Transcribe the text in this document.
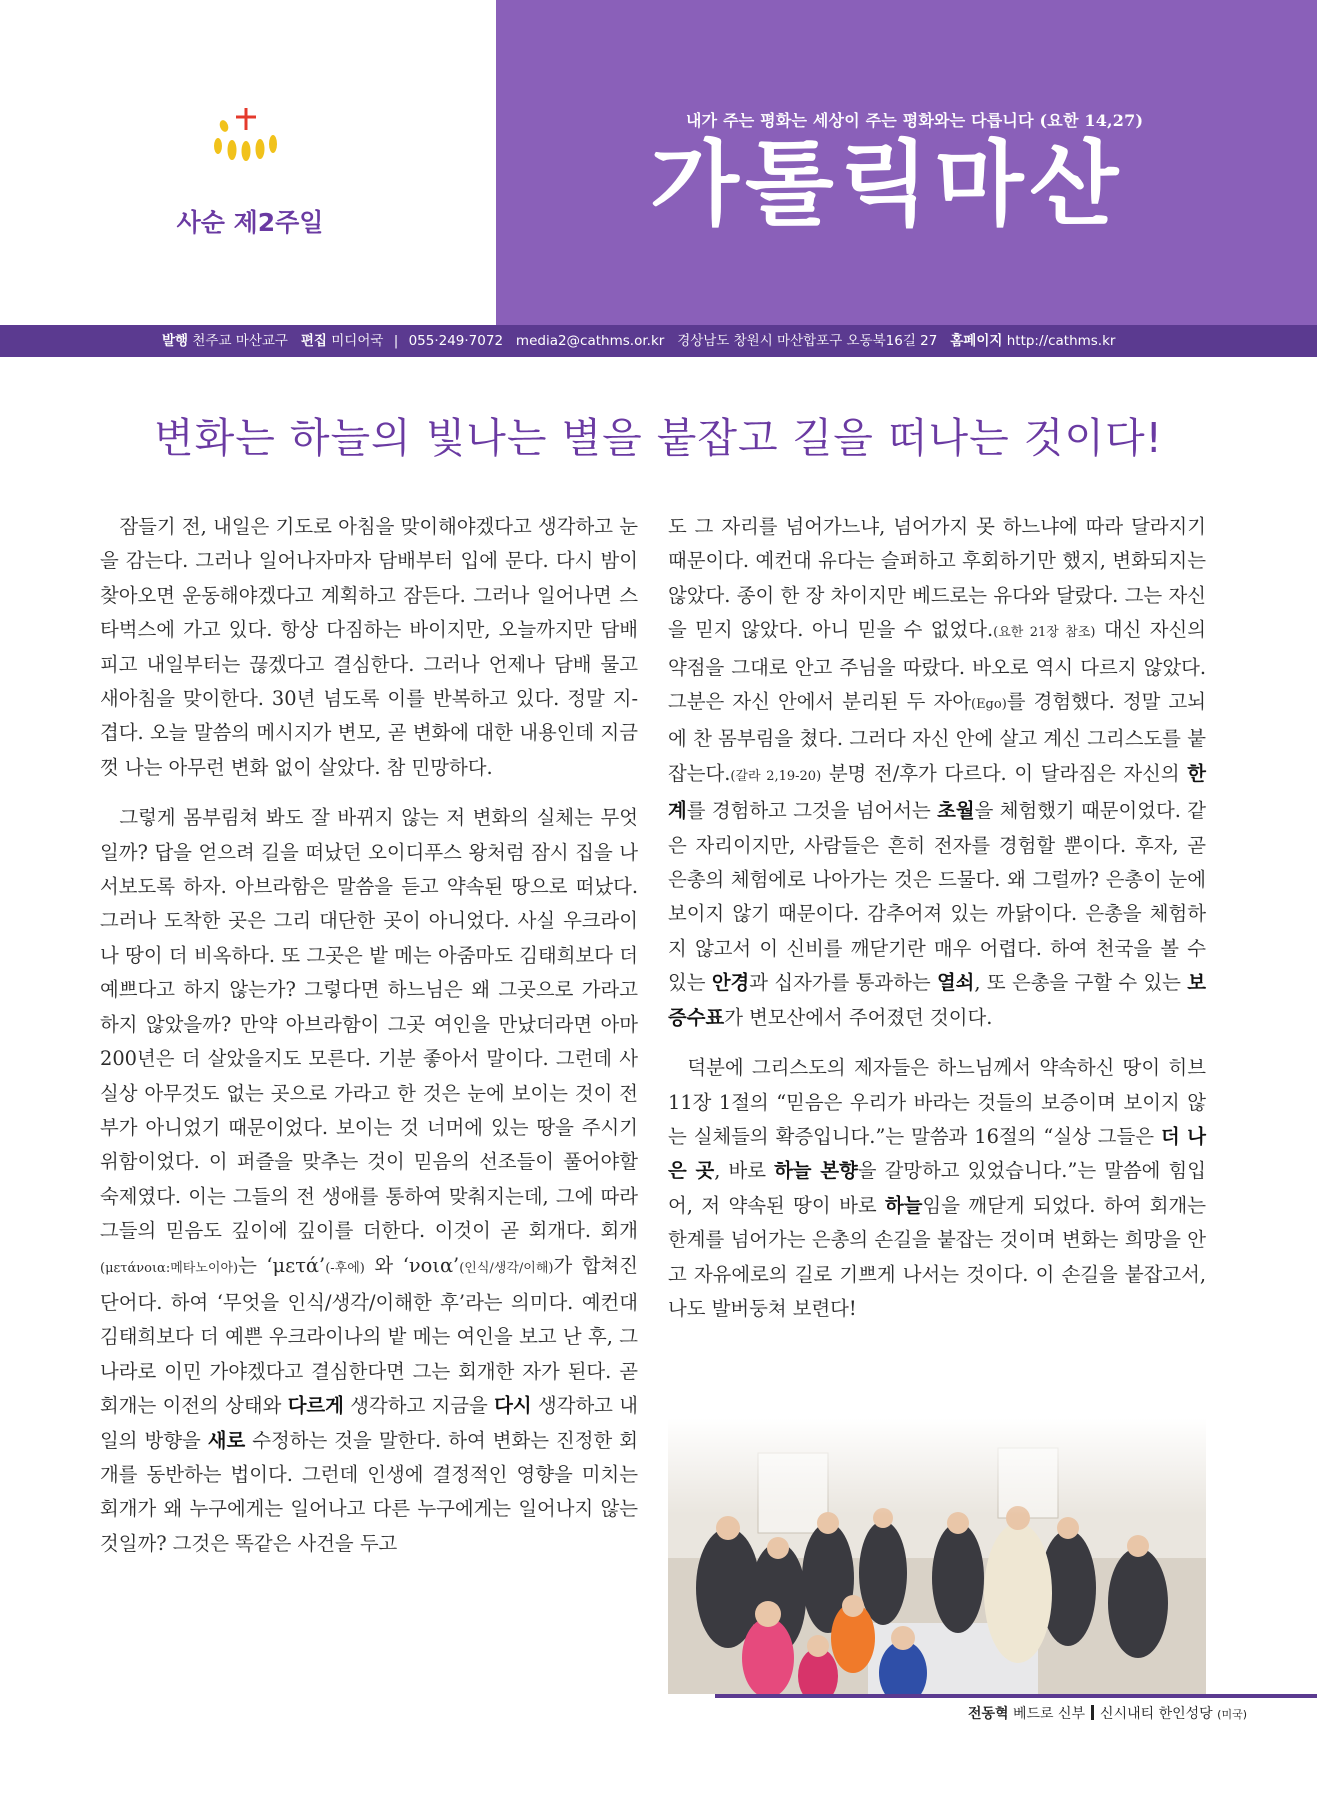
사순 제2주일
내가 주는 평화는 세상이 주는 평화와는 다릅니다 (요한 14,27)
가톨릭마산
발행 천주교 마산교구 편집 미디어국 | 055·249·7072 media2@cathms.or.kr 경상남도 창원시 마산합포구 오동북16길 27 홈페이지 http://cathms.kr
변화는 하늘의 빛나는 별을 붙잡고 길을 떠나는 것이다!

잠들기 전, 내일은 기도로 아침을 맞이해야겠다고 생각하고 눈을 감는다. 그러나 일어나자마자 담배부터 입에 문다. 다시 밤이 찾아오면 운동해야겠다고 계획하고 잠든다. 그러나 일어나면 스타벅스에 가고 있다. 항상 다짐하는 바이지만, 오늘까지만 담배피고 내일부터는 끊겠다고 결심한다. 그러나 언제나 담배 물고 새아침을 맞이한다. 30년 넘도록 이를 반복하고 있다. 정말 지-겹다. 오늘 말씀의 메시지가 변모, 곧 변화에 대한 내용인데 지금껏 나는 아무런 변화 없이 살았다. 참 민망하다.

그렇게 몸부림쳐 봐도 잘 바뀌지 않는 저 변화의 실체는 무엇일까? 답을 얻으려 길을 떠났던 오이디푸스 왕처럼 잠시 집을 나서보도록 하자. 아브라함은 말씀을 듣고 약속된 땅으로 떠났다. 그러나 도착한 곳은 그리 대단한 곳이 아니었다. 사실 우크라이나 땅이 더 비옥하다. 또 그곳은 밭 메는 아줌마도 김태희보다 더 예쁘다고 하지 않는가? 그렇다면 하느님은 왜 그곳으로 가라고 하지 않았을까? 만약 아브라함이 그곳 여인을 만났더라면 아마 200년은 더 살았을지도 모른다. 기분 좋아서 말이다. 그런데 사실상 아무것도 없는 곳으로 가라고 한 것은 눈에 보이는 것이 전부가 아니었기 때문이었다. 보이는 것 너머에 있는 땅을 주시기 위함이었다. 이 퍼즐을 맞추는 것이 믿음의 선조들이 풀어야할 숙제였다. 이는 그들의 전 생애를 통하여 맞춰지는데, 그에 따라 그들의 믿음도 깊이에 깊이를 더한다. 이것이 곧 회개다. 회개(μετάνοια:메타노이아)는 ‘μετά’(-후에) 와 ‘νοια’(인식/생각/이해)가 합쳐진 단어다. 하여 ‘무엇을 인식/생각/이해한 후’라는 의미다. 예컨대 김태희보다 더 예쁜 우크라이나의 밭 메는 여인을 보고 난 후, 그 나라로 이민 가야겠다고 결심한다면 그는 회개한 자가 된다. 곧 회개는 이전의 상태와 다르게 생각하고 지금을 다시 생각하고 내일의 방향을 새로 수정하는 것을 말한다. 하여 변화는 진정한 회개를 동반하는 법이다. 그런데 인생에 결정적인 영향을 미치는 회개가 왜 누구에게는 일어나고 다른 누구에게는 일어나지 않는 것일까? 그것은 똑같은 사건을 두고

도 그 자리를 넘어가느냐, 넘어가지 못 하느냐에 따라 달라지기 때문이다. 예컨대 유다는 슬퍼하고 후회하기만 했지, 변화되지는 않았다. 종이 한 장 차이지만 베드로는 유다와 달랐다. 그는 자신을 믿지 않았다. 아니 믿을 수 없었다.(요한 21장 참조) 대신 자신의 약점을 그대로 안고 주님을 따랐다. 바오로 역시 다르지 않았다. 그분은 자신 안에서 분리된 두 자아(Ego)를 경험했다. 정말 고뇌에 찬 몸부림을 쳤다. 그러다 자신 안에 살고 계신 그리스도를 붙잡는다.(갈라 2,19-20) 분명 전/후가 다르다. 이 달라짐은 자신의 한계를 경험하고 그것을 넘어서는 초월을 체험했기 때문이었다. 같은 자리이지만, 사람들은 흔히 전자를 경험할 뿐이다. 후자, 곧 은총의 체험에로 나아가는 것은 드물다. 왜 그럴까? 은총이 눈에 보이지 않기 때문이다. 감추어져 있는 까닭이다. 은총을 체험하지 않고서 이 신비를 깨닫기란 매우 어렵다. 하여 천국을 볼 수 있는 안경과 십자가를 통과하는 열쇠, 또 은총을 구할 수 있는 보증수표가 변모산에서 주어졌던 것이다.

덕분에 그리스도의 제자들은 하느님께서 약속하신 땅이 히브 11장 1절의 “믿음은 우리가 바라는 것들의 보증이며 보이지 않는 실체들의 확증입니다.”는 말씀과 16절의 “실상 그들은 더 나은 곳, 바로 하늘 본향을 갈망하고 있었습니다.”는 말씀에 힘입어, 저 약속된 땅이 바로 하늘임을 깨닫게 되었다. 하여 회개는 한계를 넘어가는 은총의 손길을 붙잡는 것이며 변화는 희망을 안고 자유에로의 길로 기쁘게 나서는 것이다. 이 손길을 붙잡고서, 나도 발버둥쳐 보련다!

전동혁 베드로 신부 신시내티 한인성당 (미국)
